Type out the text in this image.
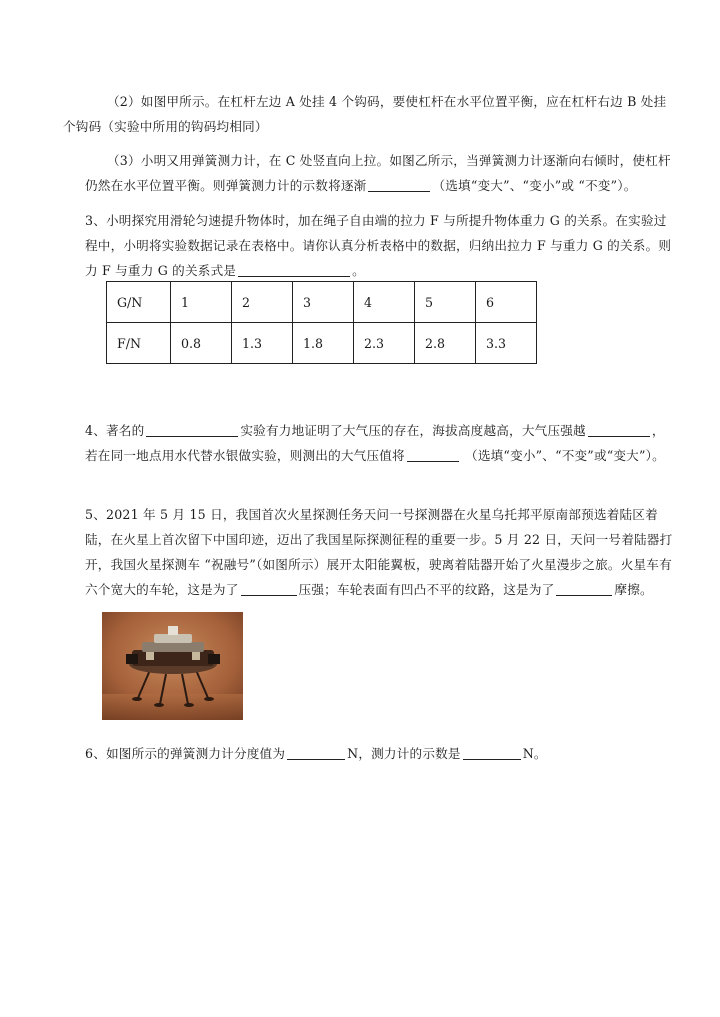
（2）如图甲所示。在杠杆左边 A 处挂 4 个钩码，要使杠杆在水平位置平衡，应在杠杆右边 B 处挂
个钩码（实验中所用的钩码均相同）
（3）小明又用弹簧测力计，在 C 处竖直向上拉。如图乙所示，当弹簧测力计逐渐向右倾时，使杠杆仍然在水平位置平衡。则弹簧测力计的示数将逐渐	（选填“变大”、“变小”或 “不变”）。
3、小明探究用滑轮匀速提升物体时，加在绳子自由端的拉力 F 与所提升物体重力 G 的关系。在实验过程中，小明将实验数据记录在表格中。请你认真分析表格中的数据，归纳出拉力 F 与重力 G 的关系。则力 F 与重力 G 的关系式是	。
G/N	1	2	3	4	5	6
F/N	0.8	1.3	1.8	2.3	2.8	3.3
4、著名的	实验有力地证明了大气压的存在，海拔高度越高，大气压强越	，若在同一地点用水代替水银做实验，则测出的大气压值将	（选填“变小”、“不变”或“变大”）。
5、2021 年 5 月 15 日，我国首次火星探测任务天问一号探测器在火星乌托邦平原南部预选着陆区着陆，在火星上首次留下中国印迹，迈出了我国星际探测征程的重要一步。5 月 22 日，天问一号着陆器打开，我国火星探测车 “祝融号”（如图所示）展开太阳能翼板，驶离着陆器开始了火星漫步之旅。火星车有六个宽大的车轮，这是为了	压强；车轮表面有凹凸不平的纹路，这是为了	摩擦。
6、如图所示的弹簧测力计分度值为	N，测力计的示数是	N。
